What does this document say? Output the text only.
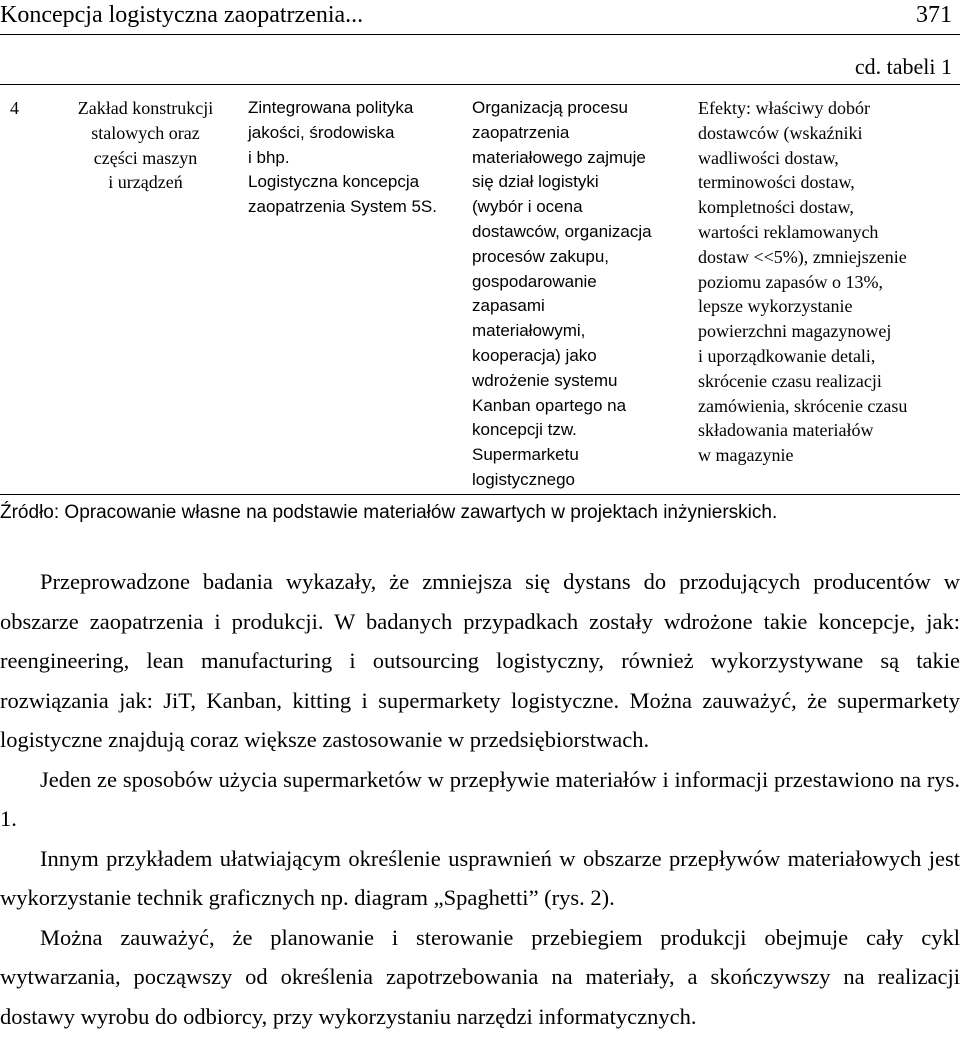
Koncepcja logistyczna zaopatrzenia...	371
cd. tabeli 1
4	Zakład konstrukcji
stalowych oraz
części maszyn
i urządzeń
Zintegrowana polityka
jakości, środowiska
i bhp.
Logistyczna koncepcja
zaopatrzenia System 5S.
Organizacją procesu
zaopatrzenia
materiałowego zajmuje
się dział logistyki
(wybór i ocena
dostawców, organizacja
procesów zakupu,
gospodarowanie
zapasami
materiałowymi,
kooperacja) jako
wdrożenie systemu
Kanban opartego na
koncepcji tzw.
Supermarketu
logistycznego
Efekty: właściwy dobór
dostawców (wskaźniki
wadliwości dostaw,
terminowości dostaw,
kompletności dostaw,
wartości reklamowanych
dostaw <<5%), zmniejszenie
poziomu zapasów o 13%,
lepsze wykorzystanie
powierzchni magazynowej
i uporządkowanie detali,
skrócenie czasu realizacji
zamówienia, skrócenie czasu
składowania materiałów
w magazynie
Źródło: Opracowanie własne na podstawie materiałów zawartych w projektach inżynierskich.

Przeprowadzone badania wykazały, że zmniejsza się dystans do przodujących producentów w obszarze zaopatrzenia i produkcji. W badanych przypadkach zostały wdrożone takie koncepcje, jak: reengineering, lean manufacturing i outsourcing logistyczny, również wykorzystywane są takie rozwiązania jak: JiT, Kanban, kitting i supermarkety logistyczne. Można zauważyć, że supermarkety logistyczne znajdują coraz większe zastosowanie w przedsiębiorstwach.

Jeden ze sposobów użycia supermarketów w przepływie materiałów i informacji przestawiono na rys. 1.

Innym przykładem ułatwiającym określenie usprawnień w obszarze przepływów materiałowych jest wykorzystanie technik graficznych np. diagram „Spaghetti” (rys. 2).

Można zauważyć, że planowanie i sterowanie przebiegiem produkcji obejmuje cały cykl wytwarzania, począwszy od określenia zapotrzebowania na materiały, a skończywszy na realizacji dostawy wyrobu do odbiorcy, przy wykorzystaniu narzędzi informatycznych.
